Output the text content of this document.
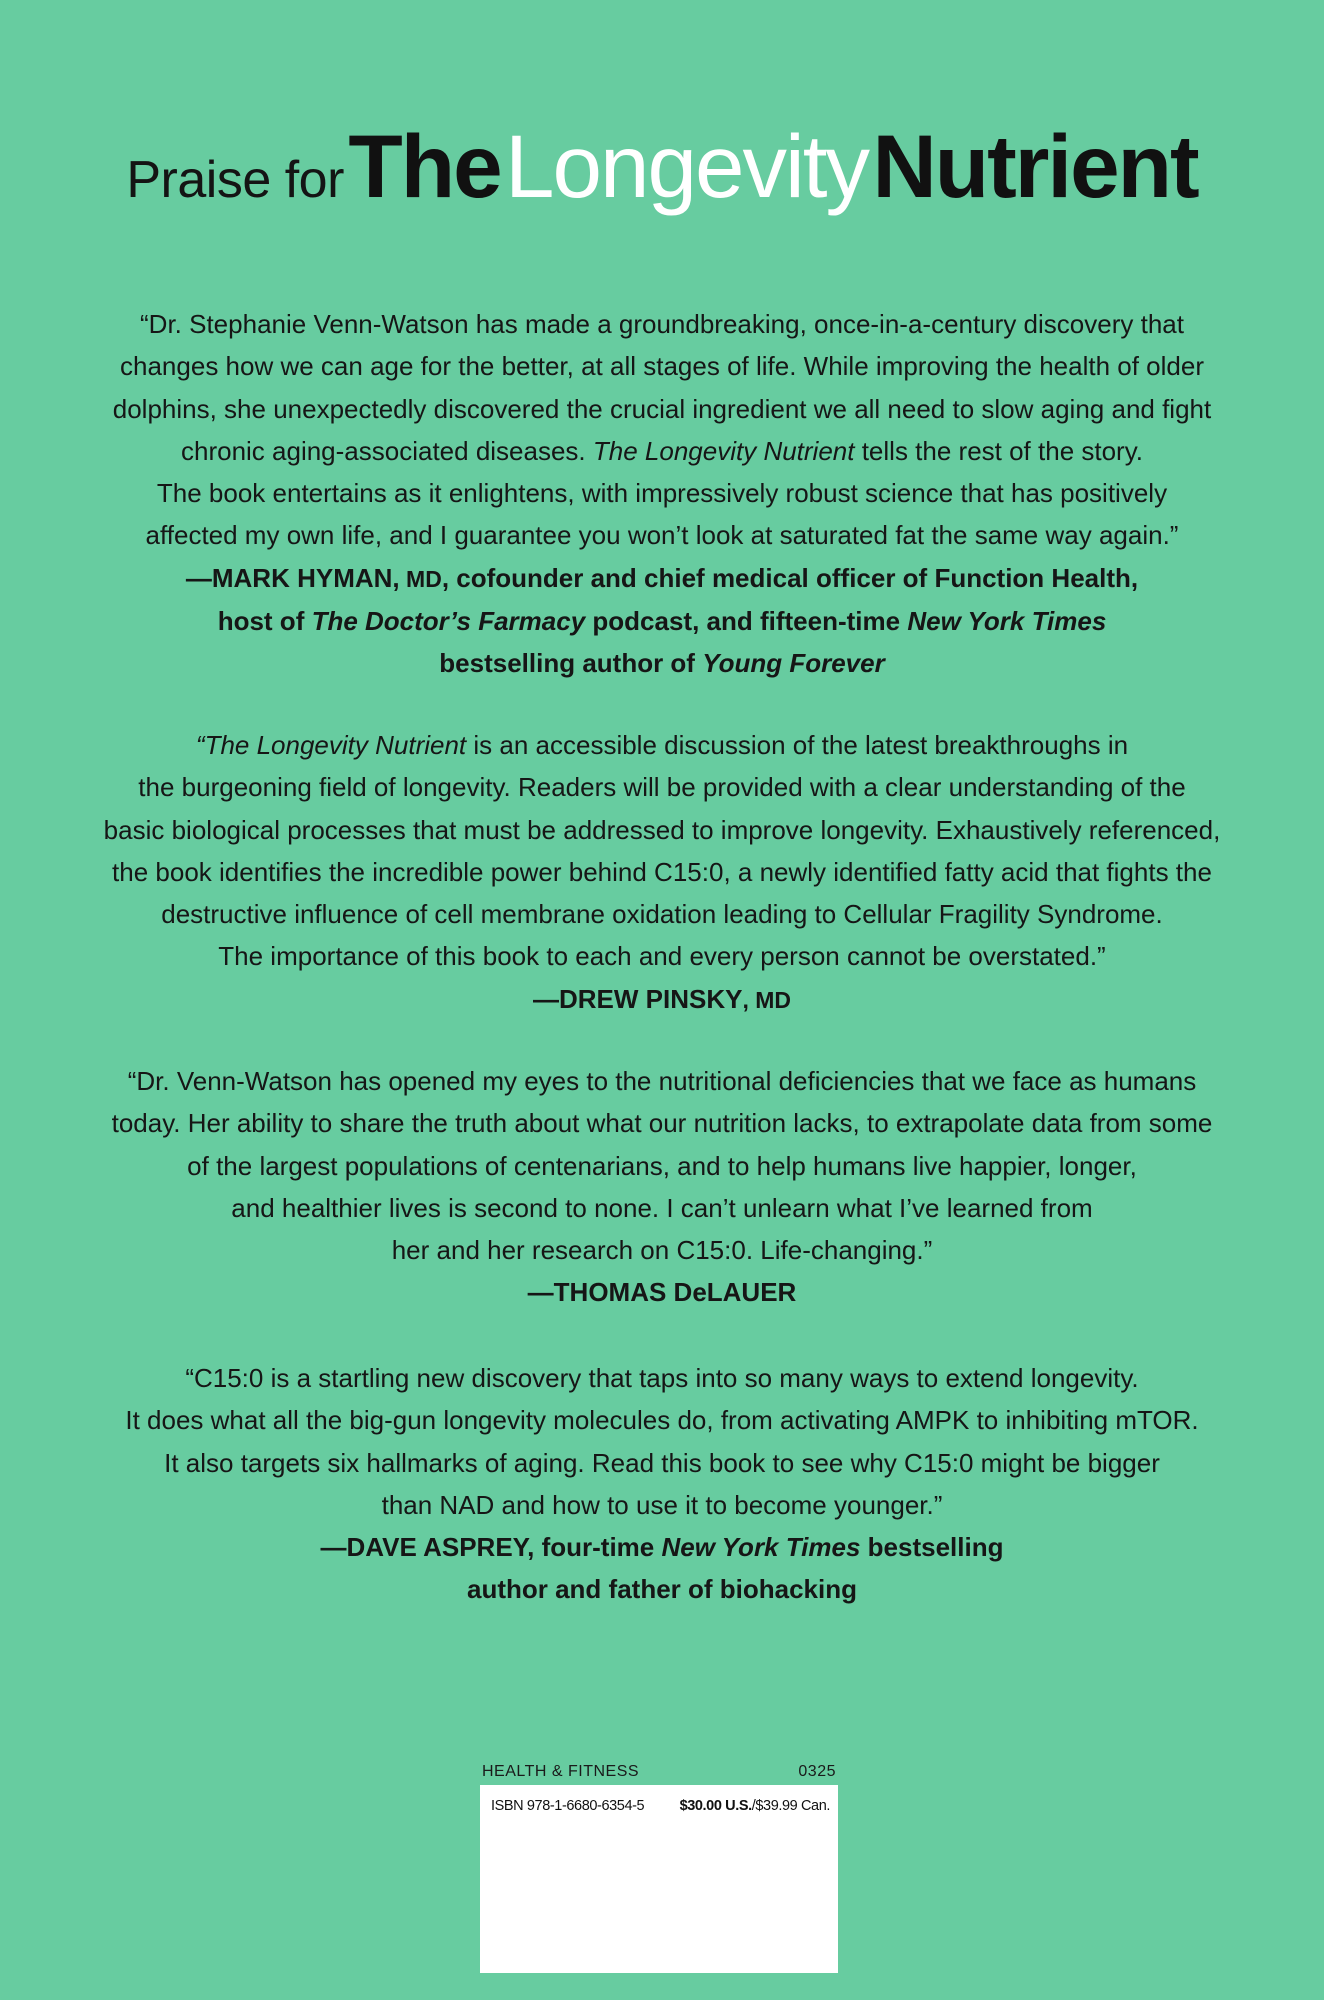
Praise for The Longevity Nutrient
“Dr. Stephanie Venn-Watson has made a groundbreaking, once-in-a-century discovery that
changes how we can age for the better, at all stages of life. While improving the health of older
dolphins, she unexpectedly discovered the crucial ingredient we all need to slow aging and fight
chronic aging-associated diseases. The Longevity Nutrient tells the rest of the story.
The book entertains as it enlightens, with impressively robust science that has positively
affected my own life, and I guarantee you won’t look at saturated fat the same way again.”
—MARK HYMAN, MD, cofounder and chief medical officer of Function Health,
host of The Doctor’s Farmacy podcast, and fifteen-time New York Times
bestselling author of Young Forever
“The Longevity Nutrient is an accessible discussion of the latest breakthroughs in
the burgeoning field of longevity. Readers will be provided with a clear understanding of the
basic biological processes that must be addressed to improve longevity. Exhaustively referenced,
the book identifies the incredible power behind C15:0, a newly identified fatty acid that fights the
destructive influence of cell membrane oxidation leading to Cellular Fragility Syndrome.
The importance of this book to each and every person cannot be overstated.”
—DREW PINSKY, MD
“Dr. Venn-Watson has opened my eyes to the nutritional deficiencies that we face as humans
today. Her ability to share the truth about what our nutrition lacks, to extrapolate data from some
of the largest populations of centenarians, and to help humans live happier, longer,
and healthier lives is second to none. I can’t unlearn what I’ve learned from
her and her research on C15:0. Life-changing.”
—THOMAS DeLAUER
“C15:0 is a startling new discovery that taps into so many ways to extend longevity.
It does what all the big-gun longevity molecules do, from activating AMPK to inhibiting mTOR.
It also targets six hallmarks of aging. Read this book to see why C15:0 might be bigger
than NAD and how to use it to become younger.”
—DAVE ASPREY, four-time New York Times bestselling
author and father of biohacking
HEALTH & FITNESS	0325
ISBN 978-1-6680-6354-5 $30.00 U.S./$39.99 Can.
